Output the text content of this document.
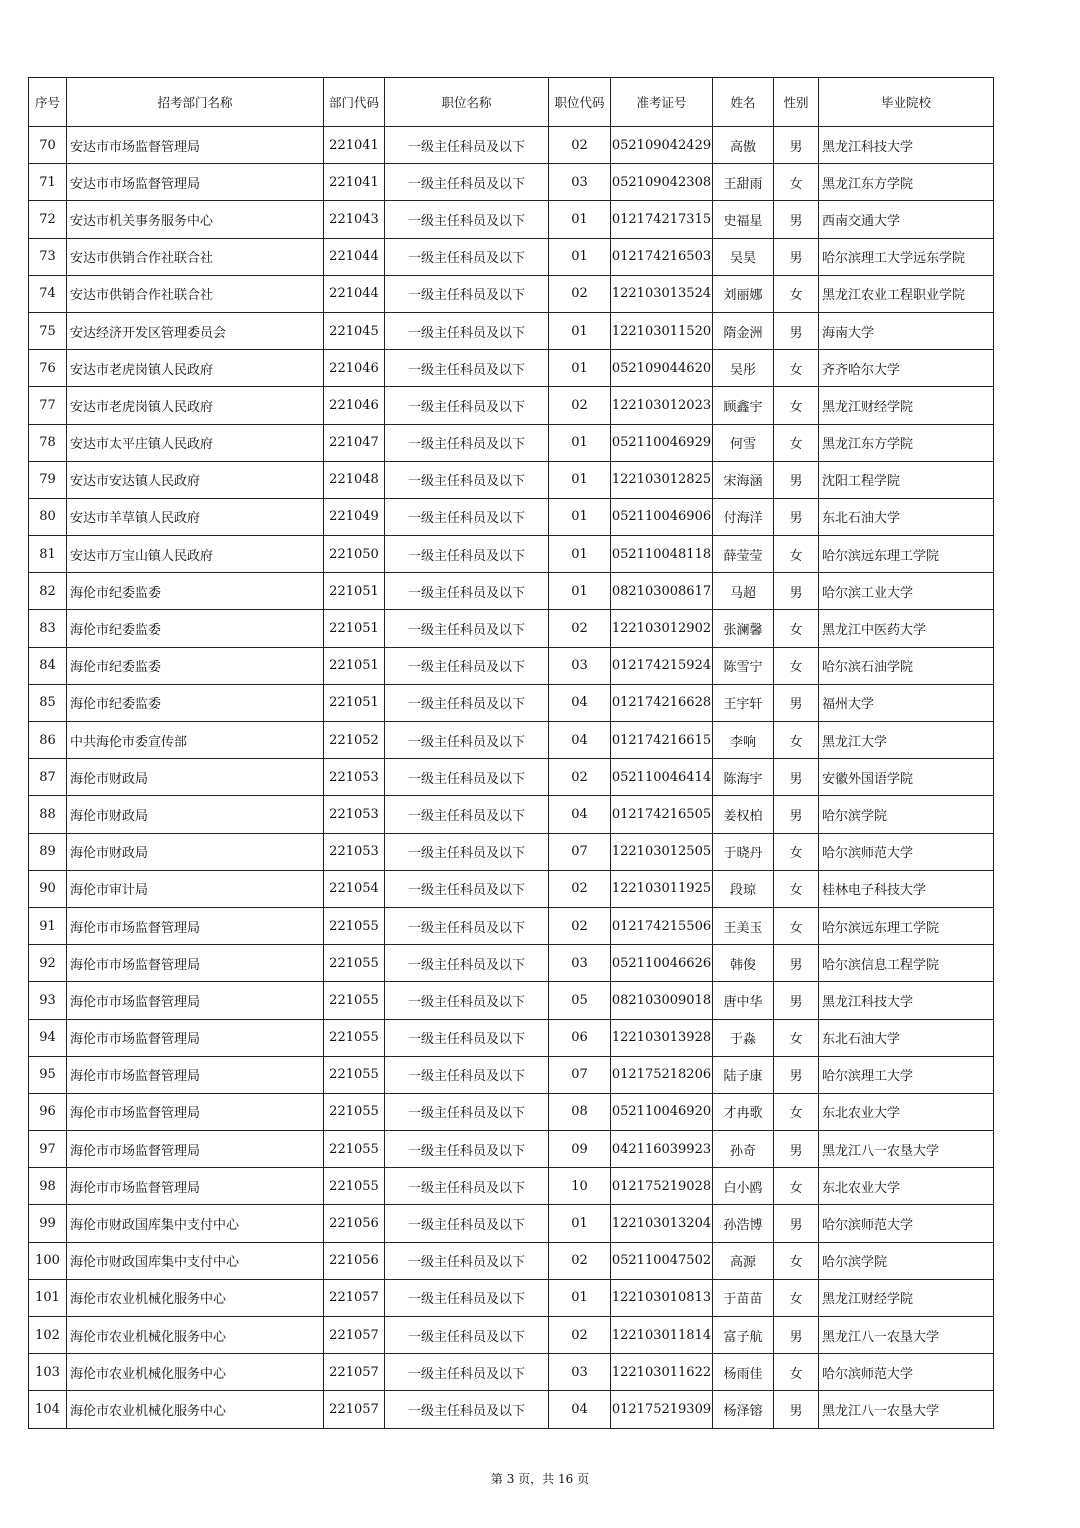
序号	招考部门名称	部门代码	职位名称	职位代码	准考证号	姓名	性别	毕业院校
70	安达市市场监督管理局	221041	一级主任科员及以下	02	052109042429	高傲	男	黑龙江科技大学
71	安达市市场监督管理局	221041	一级主任科员及以下	03	052109042308	王甜雨	女	黑龙江东方学院
72	安达市机关事务服务中心	221043	一级主任科员及以下	01	012174217315	史福星	男	西南交通大学
73	安达市供销合作社联合社	221044	一级主任科员及以下	01	012174216503	吴昊	男	哈尔滨理工大学远东学院
74	安达市供销合作社联合社	221044	一级主任科员及以下	02	122103013524	刘丽娜	女	黑龙江农业工程职业学院
75	安达经济开发区管理委员会	221045	一级主任科员及以下	01	122103011520	隋金洲	男	海南大学
76	安达市老虎岗镇人民政府	221046	一级主任科员及以下	01	052109044620	吴彤	女	齐齐哈尔大学
77	安达市老虎岗镇人民政府	221046	一级主任科员及以下	02	122103012023	顾鑫宇	女	黑龙江财经学院
78	安达市太平庄镇人民政府	221047	一级主任科员及以下	01	052110046929	何雪	女	黑龙江东方学院
79	安达市安达镇人民政府	221048	一级主任科员及以下	01	122103012825	宋海涵	男	沈阳工程学院
80	安达市羊草镇人民政府	221049	一级主任科员及以下	01	052110046906	付海洋	男	东北石油大学
81	安达市万宝山镇人民政府	221050	一级主任科员及以下	01	052110048118	薛莹莹	女	哈尔滨远东理工学院
82	海伦市纪委监委	221051	一级主任科员及以下	01	082103008617	马超	男	哈尔滨工业大学
83	海伦市纪委监委	221051	一级主任科员及以下	02	122103012902	张澜馨	女	黑龙江中医药大学
84	海伦市纪委监委	221051	一级主任科员及以下	03	012174215924	陈雪宁	女	哈尔滨石油学院
85	海伦市纪委监委	221051	一级主任科员及以下	04	012174216628	王宇轩	男	福州大学
86	中共海伦市委宣传部	221052	一级主任科员及以下	04	012174216615	李响	女	黑龙江大学
87	海伦市财政局	221053	一级主任科员及以下	02	052110046414	陈海宇	男	安徽外国语学院
88	海伦市财政局	221053	一级主任科员及以下	04	012174216505	姜权柏	男	哈尔滨学院
89	海伦市财政局	221053	一级主任科员及以下	07	122103012505	于晓丹	女	哈尔滨师范大学
90	海伦市审计局	221054	一级主任科员及以下	02	122103011925	段琼	女	桂林电子科技大学
91	海伦市市场监督管理局	221055	一级主任科员及以下	02	012174215506	王美玉	女	哈尔滨远东理工学院
92	海伦市市场监督管理局	221055	一级主任科员及以下	03	052110046626	韩俊	男	哈尔滨信息工程学院
93	海伦市市场监督管理局	221055	一级主任科员及以下	05	082103009018	唐中华	男	黑龙江科技大学
94	海伦市市场监督管理局	221055	一级主任科员及以下	06	122103013928	于淼	女	东北石油大学
95	海伦市市场监督管理局	221055	一级主任科员及以下	07	012175218206	陆子康	男	哈尔滨理工大学
96	海伦市市场监督管理局	221055	一级主任科员及以下	08	052110046920	才冉歌	女	东北农业大学
97	海伦市市场监督管理局	221055	一级主任科员及以下	09	042116039923	孙奇	男	黑龙江八一农垦大学
98	海伦市市场监督管理局	221055	一级主任科员及以下	10	012175219028	白小鸥	女	东北农业大学
99	海伦市财政国库集中支付中心	221056	一级主任科员及以下	01	122103013204	孙浩博	男	哈尔滨师范大学
100	海伦市财政国库集中支付中心	221056	一级主任科员及以下	02	052110047502	高源	女	哈尔滨学院
101	海伦市农业机械化服务中心	221057	一级主任科员及以下	01	122103010813	于苗苗	女	黑龙江财经学院
102	海伦市农业机械化服务中心	221057	一级主任科员及以下	02	122103011814	富子航	男	黑龙江八一农垦大学
103	海伦市农业机械化服务中心	221057	一级主任科员及以下	03	122103011622	杨雨佳	女	哈尔滨师范大学
104	海伦市农业机械化服务中心	221057	一级主任科员及以下	04	012175219309	杨泽镕	男	黑龙江八一农垦大学
第 3 页，共 16 页
